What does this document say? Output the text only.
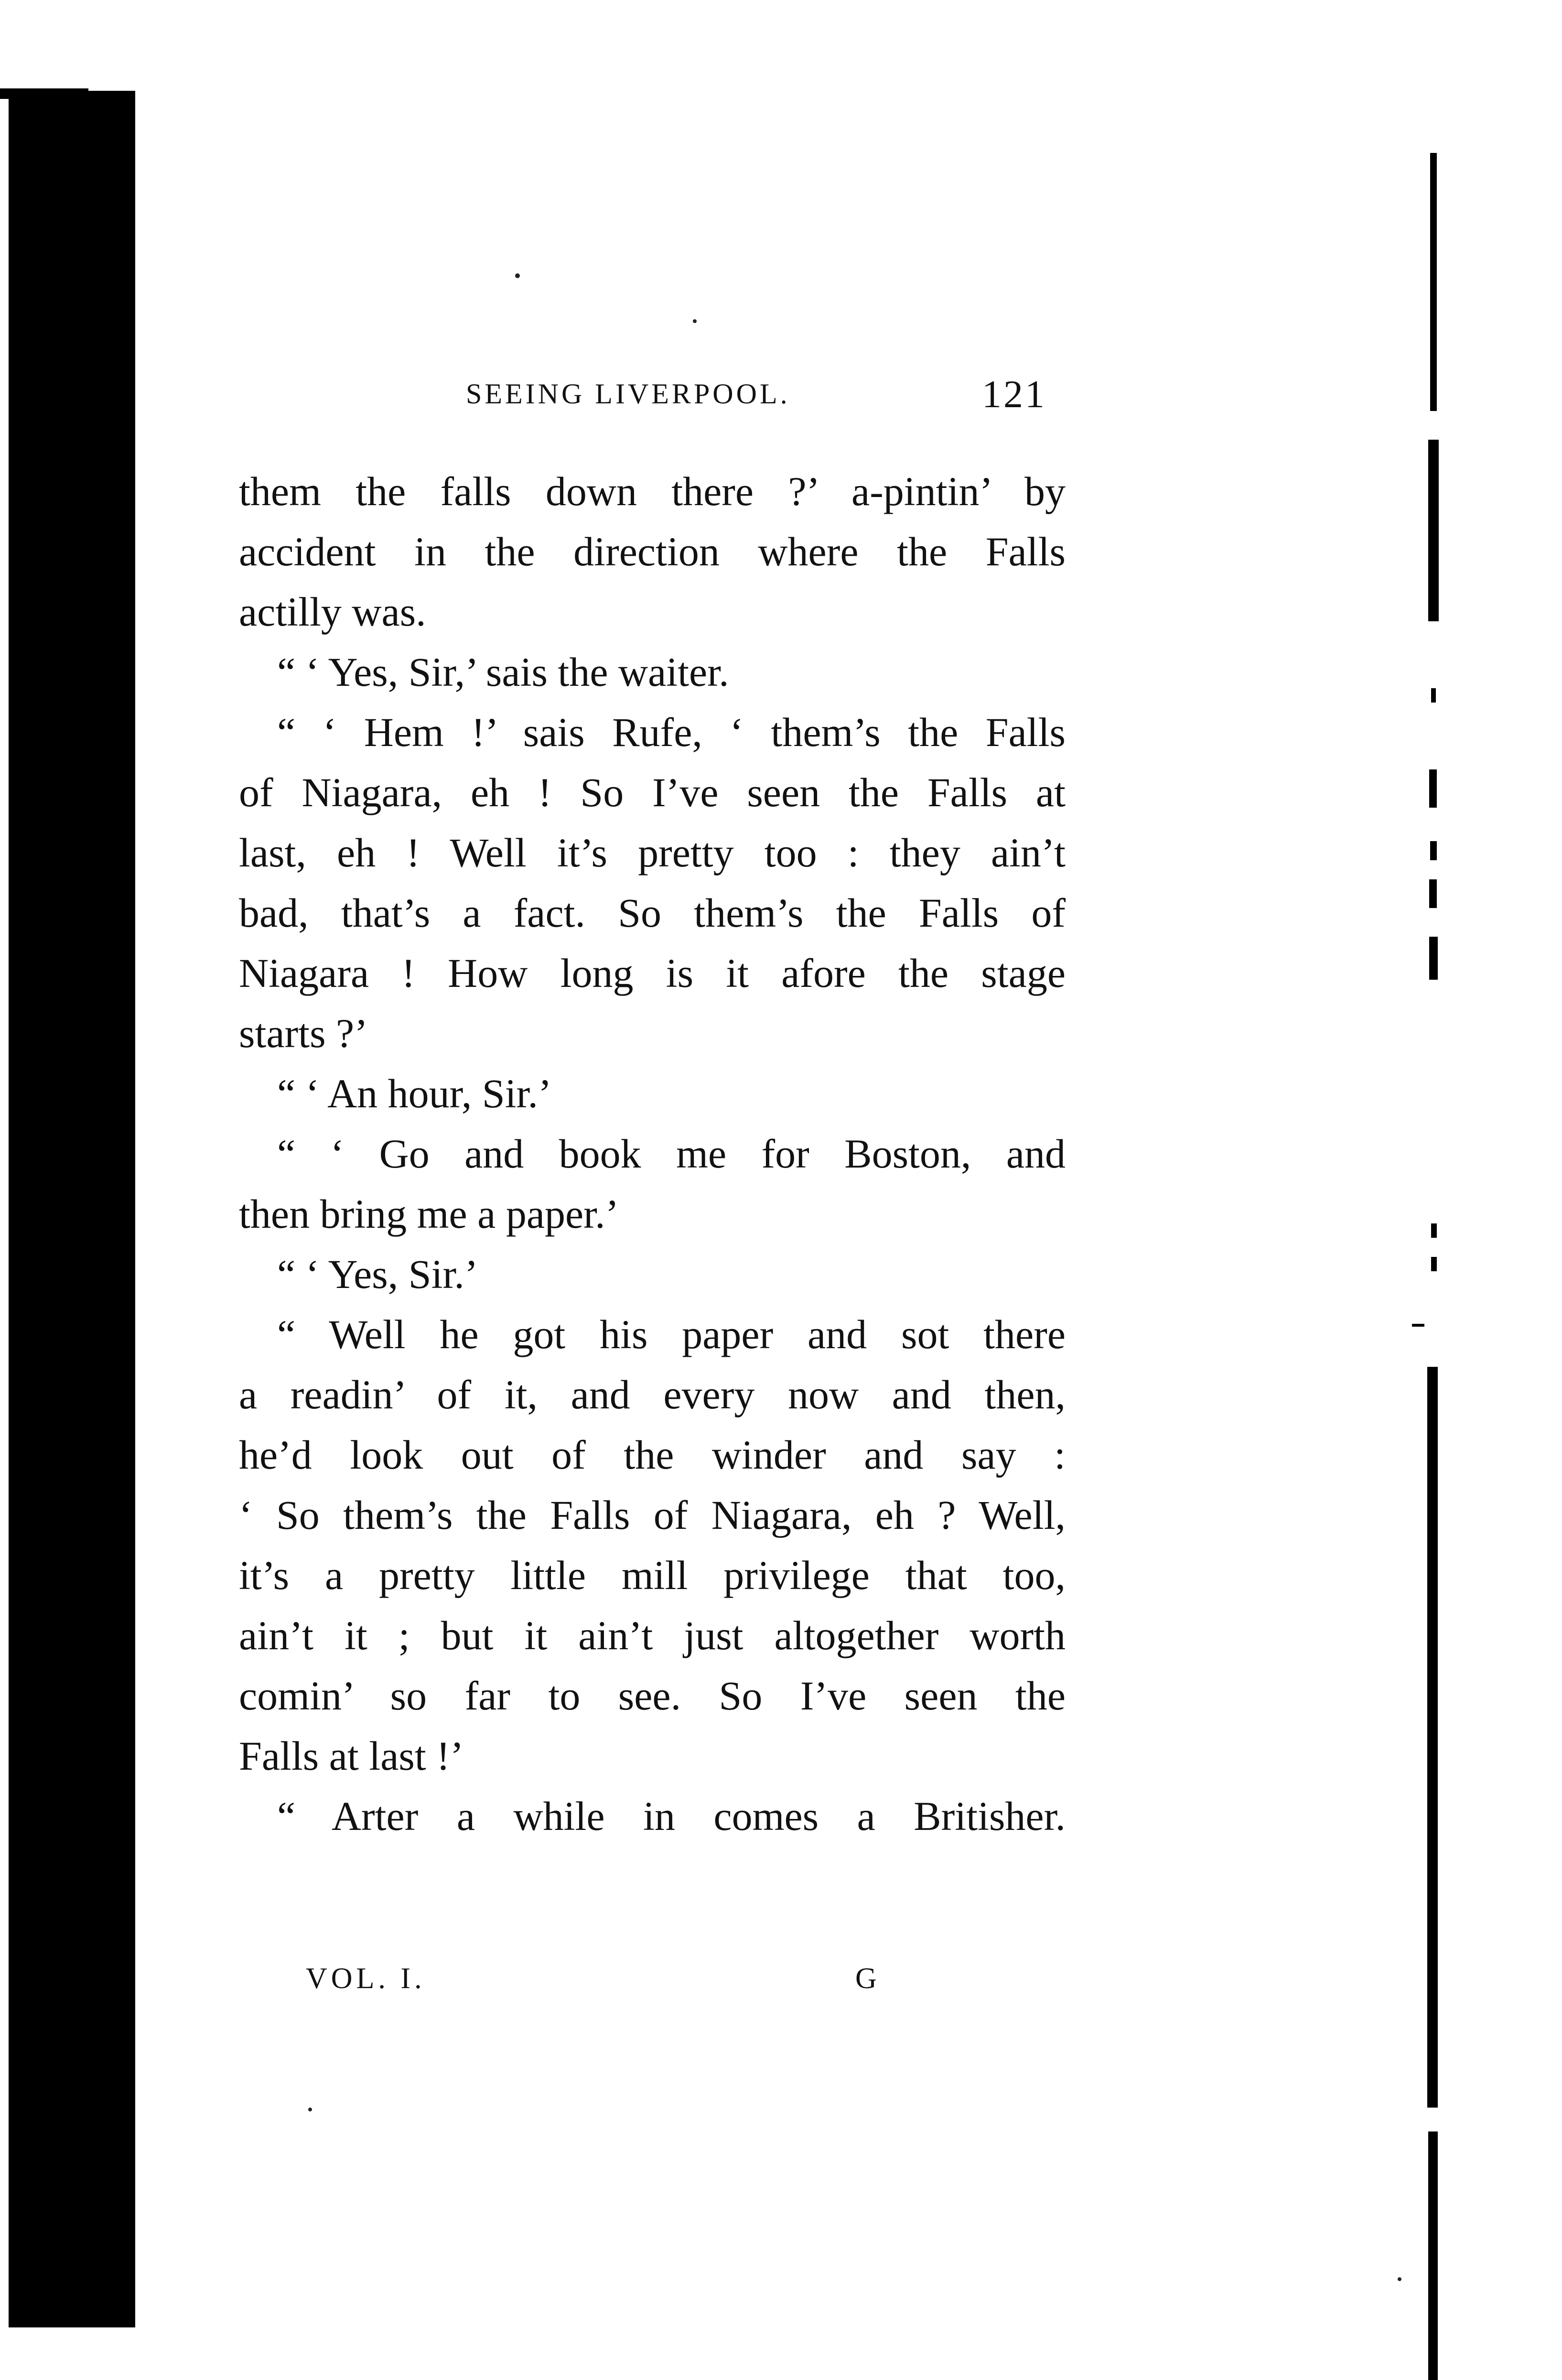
SEEING LIVERPOOL.	121
them the falls down there ?’ a-pintin’ by
accident in the direction where the Falls
actilly was.
“ ‘ Yes, Sir,’ sais the waiter.
“ ‘ Hem !’ sais Rufe, ‘ them’s the Falls
of Niagara, eh ! So I’ve seen the Falls at
last, eh ! Well it’s pretty too : they ain’t
bad, that’s a fact. So them’s the Falls of
Niagara ! How long is it afore the stage
starts ?’
“ ‘ An hour, Sir.’
“ ‘ Go and book me for Boston, and
then bring me a paper.’
“ ‘ Yes, Sir.’
“ Well he got his paper and sot there
a readin’ of it, and every now and then,
he’d look out of the winder and say :
‘ So them’s the Falls of Niagara, eh ? Well,
it’s a pretty little mill privilege that too,
ain’t it ; but it ain’t just altogether worth
comin’ so far to see. So I’ve seen the
Falls at last !’
“ Arter a while in comes a Britisher.
VOL. I.	G
